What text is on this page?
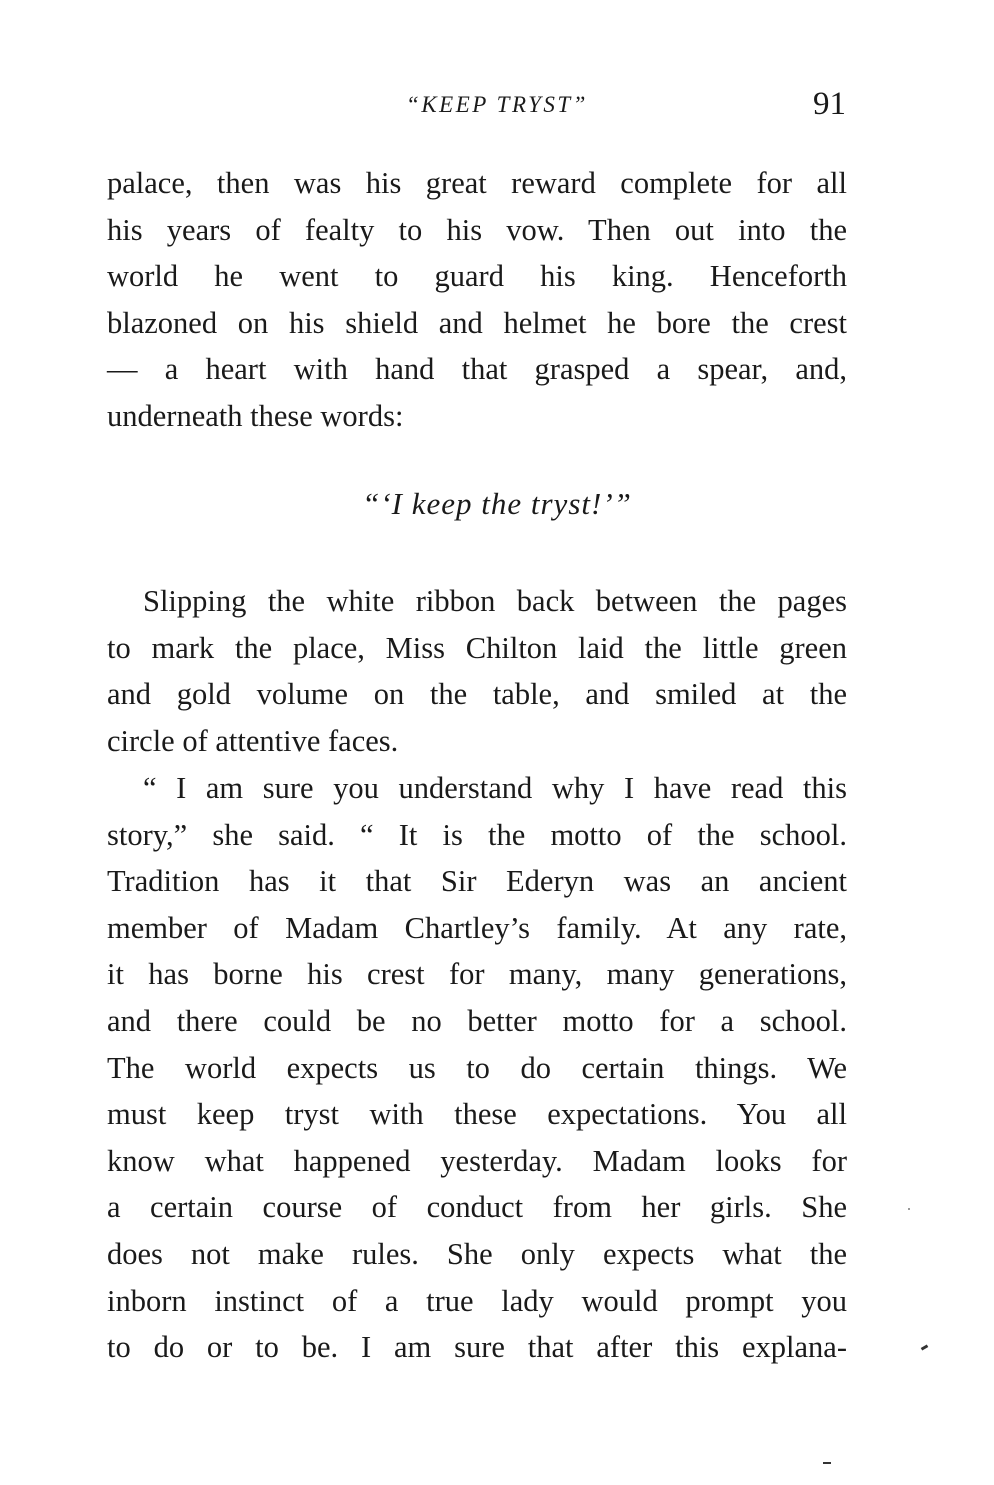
“KEEP TRYST”	91

palace, then was his great reward complete for all
his years of fealty to his vow. Then out into the
world he went to guard his king. Henceforth
blazoned on his shield and helmet he bore the crest
— a heart with hand that grasped a spear, and,
underneath these words:

“‘I keep the tryst!’”

Slipping the white ribbon back between the pages
to mark the place, Miss Chilton laid the little green
and gold volume on the table, and smiled at the
circle of attentive faces.

“ I am sure you understand why I have read this
story,” she said. “ It is the motto of the school.
Tradition has it that Sir Ederyn was an ancient
member of Madam Chartley’s family. At any rate,
it has borne his crest for many, many generations,
and there could be no better motto for a school.
The world expects us to do certain things. We
must keep tryst with these expectations. You all
know what happened yesterday. Madam looks for
a certain course of conduct from her girls. She
does not make rules. She only expects what the
inborn instinct of a true lady would prompt you
to do or to be. I am sure that after this explana-
